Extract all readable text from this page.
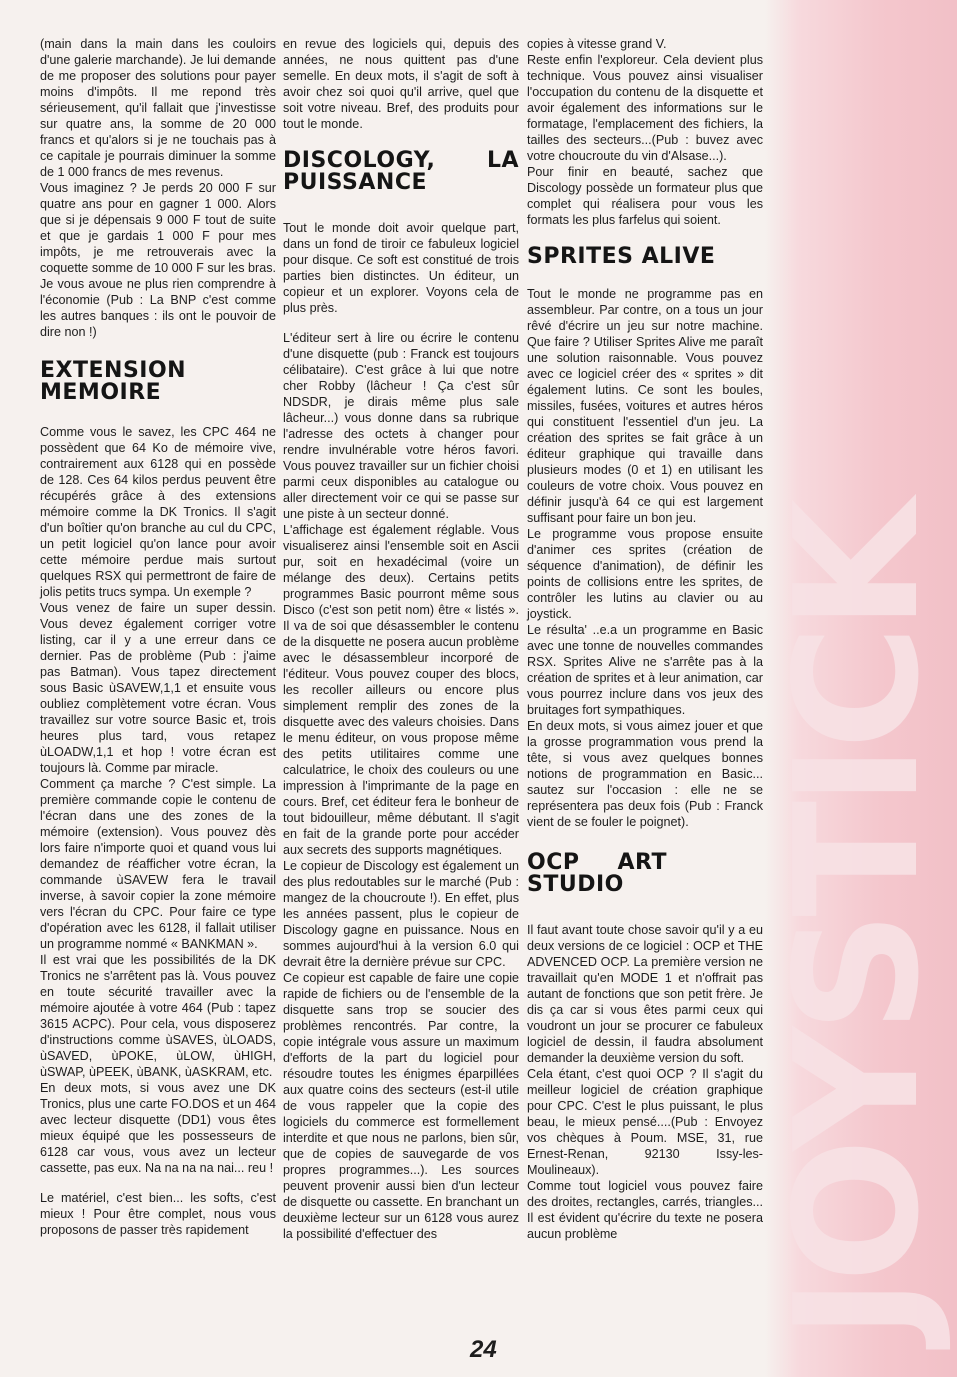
JOYSTICK

(main dans la main dans les couloirs d'une galerie marchande). Je lui demande de me proposer des solutions pour payer moins d'impôts. Il me repond très sérieusement, qu'il fallait que j'investisse sur quatre ans, la somme de 20 000 francs et qu'alors si je ne touchais pas à ce capitale je pourrais diminuer la somme de 1 000 francs de mes revenus.

Vous imaginez ? Je perds 20 000 F sur quatre ans pour en gagner 1 000. Alors que si je dépensais 9 000 F tout de suite et que je gardais 1 000 F pour mes impôts, je me retrouverais avec la coquette somme de 10 000 F sur les bras. Je vous avoue ne plus rien comprendre à l'économie (Pub : La BNP c'est comme les autres banques : ils ont le pouvoir de dire non !)

EXTENSION MEMOIRE

Comme vous le savez, les CPC 464 ne possèdent que 64 Ko de mémoire vive, contrairement aux 6128 qui en possède de 128. Ces 64 kilos perdus peuvent être récupérés grâce à des extensions mémoire comme la DK Tronics. Il s'agit d'un boîtier qu'on branche au cul du CPC, un petit logiciel qu'on lance pour avoir cette mémoire perdue mais surtout quelques RSX qui permettront de faire de jolis petits trucs sympa. Un exemple ?

Vous venez de faire un super dessin. Vous devez également corriger votre listing, car il y a une erreur dans ce dernier. Pas de problème (Pub : j'aime pas Batman). Vous tapez directement sous Basic ùSAVEW,1,1 et ensuite vous oubliez complètement votre écran. Vous travaillez sur votre source Basic et, trois heures plus tard, vous retapez ùLOADW,1,1 et hop ! votre écran est toujours là. Comme par miracle.

Comment ça marche ? C'est simple. La première commande copie le contenu de l'écran dans une des zones de la mémoire (extension). Vous pouvez dès lors faire n'importe quoi et quand vous lui demandez de réafficher votre écran, la commande ùSAVEW fera le travail inverse, à savoir copier la zone mémoire vers l'écran du CPC. Pour faire ce type d'opération avec les 6128, il fallait utiliser un programme nommé « BANKMAN ».

Il est vrai que les possibilités de la DK Tronics ne s'arrêtent pas là. Vous pouvez en toute sécurité travailler avec la mémoire ajoutée à votre 464 (Pub : tapez 3615 ACPC). Pour cela, vous disposerez d'instructions comme ùSAVES, ùLOADS, ùSAVED, ùPOKE, ùLOW, ùHIGH, ùSWAP, ùPEEK, ùBANK, ùASKRAM, etc.

En deux mots, si vous avez une DK Tronics, plus une carte FO.DOS et un 464 avec lecteur disquette (DD1) vous êtes mieux équipé que les possesseurs de 6128 car vous, vous avez un lecteur cassette, pas eux. Na na na na nai... reu !

Le matériel, c'est bien... les softs, c'est mieux ! Pour être complet, nous vous proposons de passer très rapidement

en revue des logiciels qui, depuis des années, ne nous quittent pas d'une semelle. En deux mots, il s'agit de soft à avoir chez soi quoi qu'il arrive, quel que soit votre niveau. Bref, des produits pour tout le monde.

DISCOLOGY, LA PUISSANCE

Tout le monde doit avoir quelque part, dans un fond de tiroir ce fabuleux logiciel pour disque. Ce soft est constitué de trois parties bien distinctes. Un éditeur, un copieur et un explorer. Voyons cela de plus près.

L'éditeur sert à lire ou écrire le contenu d'une disquette (pub : Franck est toujours célibataire). C'est grâce à lui que notre cher Robby (lâcheur ! Ça c'est sûr NDSDR, je dirais même plus sale lâcheur...) vous donne dans sa rubrique l'adresse des octets à changer pour rendre invulnérable votre héros favori. Vous pouvez travailler sur un fichier choisi parmi ceux disponibles au catalogue ou aller directement voir ce qui se passe sur une piste à un secteur donné.

L'affichage est également réglable. Vous visualiserez ainsi l'ensemble soit en Ascii pur, soit en hexadécimal (voire un mélange des deux). Certains petits programmes Basic pourront même sous Disco (c'est son petit nom) être « listés ». Il va de soi que désassembler le contenu de la disquette ne posera aucun problème avec le désassembleur incorporé de l'éditeur. Vous pouvez couper des blocs, les recoller ailleurs ou encore plus simplement remplir des zones de la disquette avec des valeurs choisies. Dans le menu éditeur, on vous propose même des petits utilitaires comme une calculatrice, le choix des couleurs ou une impression à l'imprimante de la page en cours. Bref, cet éditeur fera le bonheur de tout bidouilleur, même débutant. Il s'agit en fait de la grande porte pour accéder aux secrets des supports magnétiques.

Le copieur de Discology est également un des plus redoutables sur le marché (Pub : mangez de la choucroute !). En effet, plus les années passent, plus le copieur de Discology gagne en puissance. Nous en sommes aujourd'hui à la version 6.0 qui devrait être la dernière prévue sur CPC.

Ce copieur est capable de faire une copie rapide de fichiers ou de l'ensemble de la disquette sans trop se soucier des problèmes rencontrés. Par contre, la copie intégrale vous assure un maximum d'efforts de la part du logiciel pour résoudre toutes les énigmes éparpillées aux quatre coins des secteurs (est-il utile de vous rappeler que la copie des logiciels du commerce est formellement interdite et que nous ne parlons, bien sûr, que de copies de sauvegarde de vos propres programmes...). Les sources peuvent provenir aussi bien d'un lecteur de disquette ou cassette. En branchant un deuxième lecteur sur un 6128 vous aurez la possibilité d'effectuer des

copies à vitesse grand V.

Reste enfin l'exploreur. Cela devient plus technique. Vous pouvez ainsi visualiser l'occupation du contenu de la disquette et avoir également des informations sur le formatage, l'emplacement des fichiers, la tailles des secteurs...(Pub : buvez avec votre choucroute du vin d'Alsase...).

Pour finir en beauté, sachez que Discology possède un formateur plus que complet qui réalisera pour vous les formats les plus farfelus qui soient.

SPRITES ALIVE

Tout le monde ne programme pas en assembleur. Par contre, on a tous un jour rêvé d'écrire un jeu sur notre machine. Que faire ? Utiliser Sprites Alive me paraît une solution raisonnable. Vous pouvez avec ce logiciel créer des « sprites » dit également lutins. Ce sont les boules, missiles, fusées, voitures et autres héros qui constituent l'essentiel d'un jeu. La création des sprites se fait grâce à un éditeur graphique qui travaille dans plusieurs modes (0 et 1) en utilisant les couleurs de votre choix. Vous pouvez en définir jusqu'à 64 ce qui est largement suffisant pour faire un bon jeu.

Le programme vous propose ensuite d'animer ces sprites (création de séquence d'animation), de définir les points de collisions entre les sprites, de contrôler les lutins au clavier ou au joystick.

Le résulta' ..e.a un programme en Basic avec une tonne de nouvelles commandes RSX. Sprites Alive ne s'arrête pas à la création de sprites et à leur animation, car vous pourrez inclure dans vos jeux des bruitages fort sympathiques.

En deux mots, si vous aimez jouer et que la grosse programmation vous prend la tête, si vous avez quelques bonnes notions de programmation en Basic... sautez sur l'occasion : elle ne se représentera pas deux fois (Pub : Franck vient de se fouler le poignet).

OCP ART STUDIO

Il faut avant toute chose savoir qu'il y a eu deux versions de ce logiciel : OCP et THE ADVENCED OCP. La première version ne travaillait qu'en MODE 1 et n'offrait pas autant de fonctions que son petit frère. Je dis ça car si vous êtes parmi ceux qui voudront un jour se procurer ce fabuleux logiciel de dessin, il faudra absolument demander la deuxième version du soft.

Cela étant, c'est quoi OCP ? Il s'agit du meilleur logiciel de création graphique pour CPC. C'est le plus puissant, le plus beau, le mieux pensé....(Pub : Envoyez vos chèques à Poum. MSE, 31, rue Ernest-Renan, 92130 Issy-les-Moulineaux).

Comme tout logiciel vous pouvez faire des droites, rectangles, carrés, triangles... Il est évident qu'écrire du texte ne posera aucun problème

24
